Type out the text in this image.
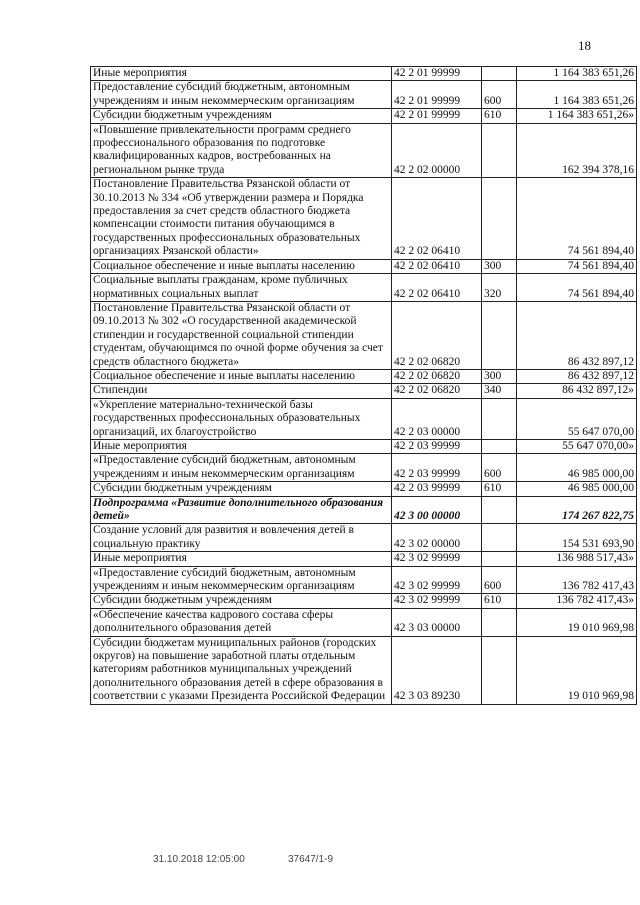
18
Иные мероприятия	42 2 01 99999		1 164 383 651,26
Предоставление субсидий бюджетным, автономным учреждениям и иным некоммерческим организациям	42 2 01 99999	600	1 164 383 651,26
Субсидии бюджетным учреждениям	42 2 01 99999	610	1 164 383 651,26»
«Повышение привлекательности программ среднего профессионального образования по подготовке квалифицированных кадров, востребованных на региональном рынке труда	42 2 02 00000		162 394 378,16
Постановление Правительства Рязанской области от 30.10.2013 № 334 «Об утверждении размера и Порядка предоставления за счет средств областного бюджета компенсации стоимости питания обучающимся в государственных профессиональных образовательных организациях Рязанской области»	42 2 02 06410		74 561 894,40
Социальное обеспечение и иные выплаты населению	42 2 02 06410	300	74 561 894,40
Социальные выплаты гражданам, кроме публичных нормативных социальных выплат	42 2 02 06410	320	74 561 894,40
Постановление Правительства Рязанской области от 09.10.2013 № 302 «О государственной академической стипендии и государственной социальной стипендии студентам, обучающимся по очной форме обучения за счет средств областного бюджета»	42 2 02 06820		86 432 897,12
Социальное обеспечение и иные выплаты населению	42 2 02 06820	300	86 432 897,12
Стипендии	42 2 02 06820	340	86 432 897,12»
«Укрепление материально-технической базы государственных профессиональных образовательных организаций, их благоустройство	42 2 03 00000		55 647 070,00
Иные мероприятия	42 2 03 99999		55 647 070,00»
«Предоставление субсидий бюджетным, автономным учреждениям и иным некоммерческим организациям	42 2 03 99999	600	46 985 000,00
Субсидии бюджетным учреждениям	42 2 03 99999	610	46 985 000,00
Подпрограмма «Развитие дополнительного образования детей»	42 3 00 00000		174 267 822,75
Создание условий для развития и вовлечения детей в социальную практику	42 3 02 00000		154 531 693,90
Иные мероприятия	42 3 02 99999		136 988 517,43»
«Предоставление субсидий бюджетным, автономным учреждениям и иным некоммерческим организациям	42 3 02 99999	600	136 782 417,43
Субсидии бюджетным учреждениям	42 3 02 99999	610	136 782 417,43»
«Обеспечение качества кадрового состава сферы дополнительного образования детей	42 3 03 00000		19 010 969,98
Субсидии бюджетам муниципальных районов (городских округов) на повышение заработной платы отдельным категориям работников муниципальных учреждений дополнительного образования детей в сфере образования в соответствии с указами Президента Российской Федерации	42 3 03 89230		19 010 969,98
31.10.2018 12:05:00	37647/1-9
